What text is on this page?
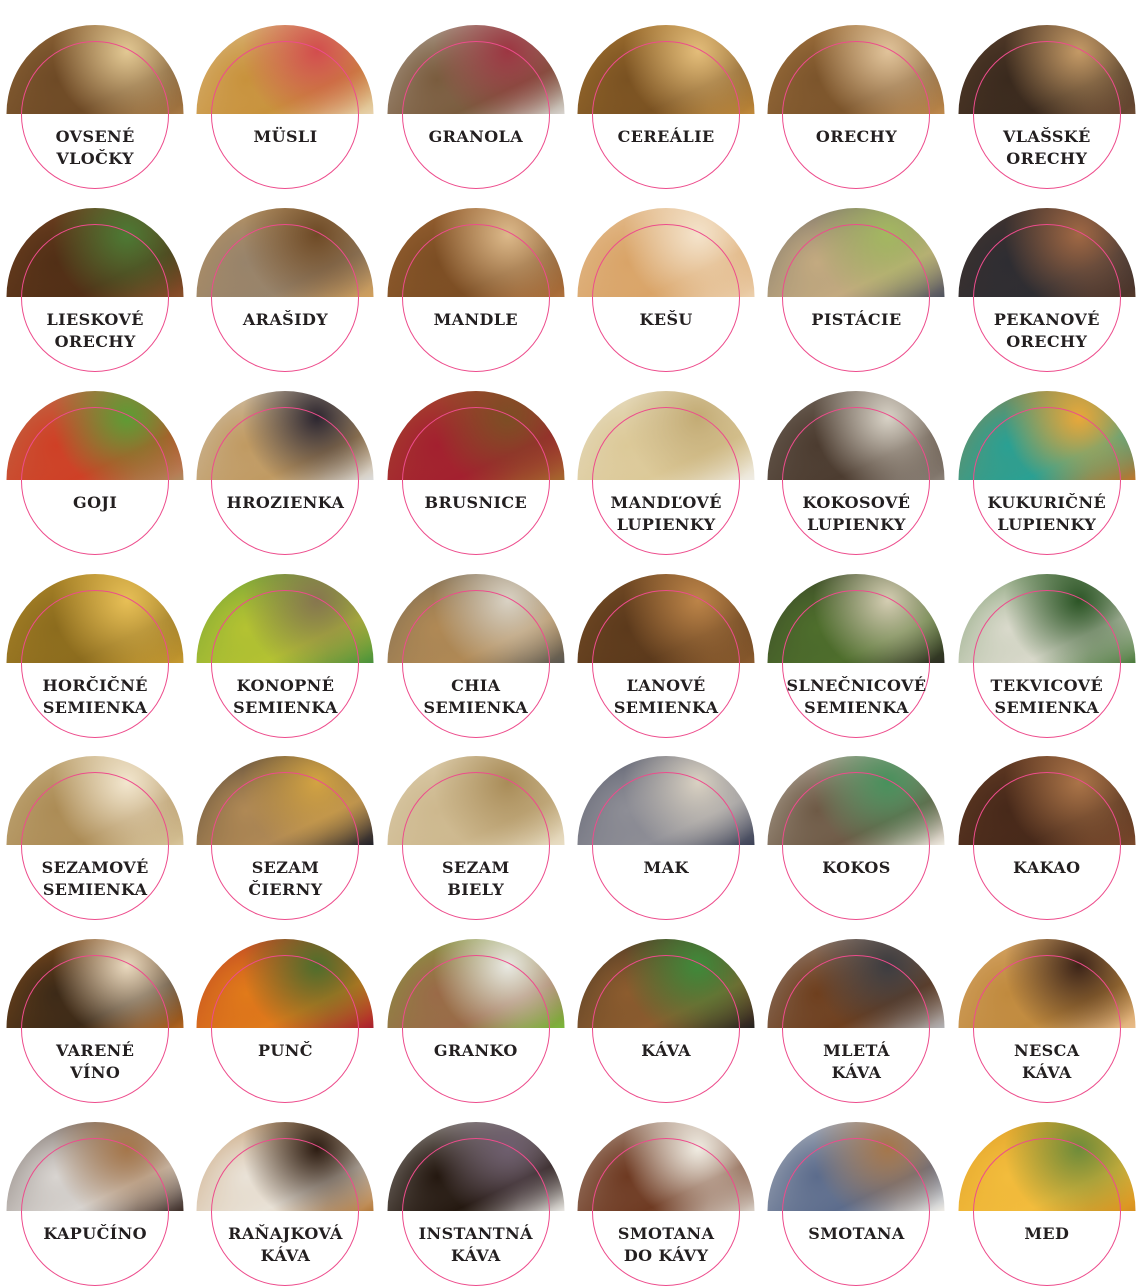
OVSENÉ
VLOČKY
MÜSLI	GRANOLA	CEREÁLIE	ORECHY	VLAŠSKÉ
ORECHY
LIESKOVÉ
ORECHY
ARAŠIDY	MANDLE	KEŠU	PISTÁCIE	PEKANOVÉ
ORECHY
GOJI	HROZIENKA	BRUSNICE	MANDĽOVÉ
LUPIENKY
KOKOSOVÉ
LUPIENKY
KUKURIČNÉ
LUPIENKY
HORČIČNÉ
SEMIENKA
KONOPNÉ
SEMIENKA
CHIA
SEMIENKA
ĽANOVÉ
SEMIENKA
SLNEČNICOVÉ
SEMIENKA
TEKVICOVÉ
SEMIENKA
SEZAMOVÉ
SEMIENKA
SEZAM
ČIERNY
SEZAM
BIELY
MAK	KOKOS	KAKAO
VARENÉ
VÍNO
PUNČ	GRANKO	KÁVA	MLETÁ
KÁVA
NESCA
KÁVA
KAPUČÍNO	RAŇAJKOVÁ
KÁVA
INSTANTNÁ
KÁVA
SMOTANA
DO KÁVY
SMOTANA	MED
